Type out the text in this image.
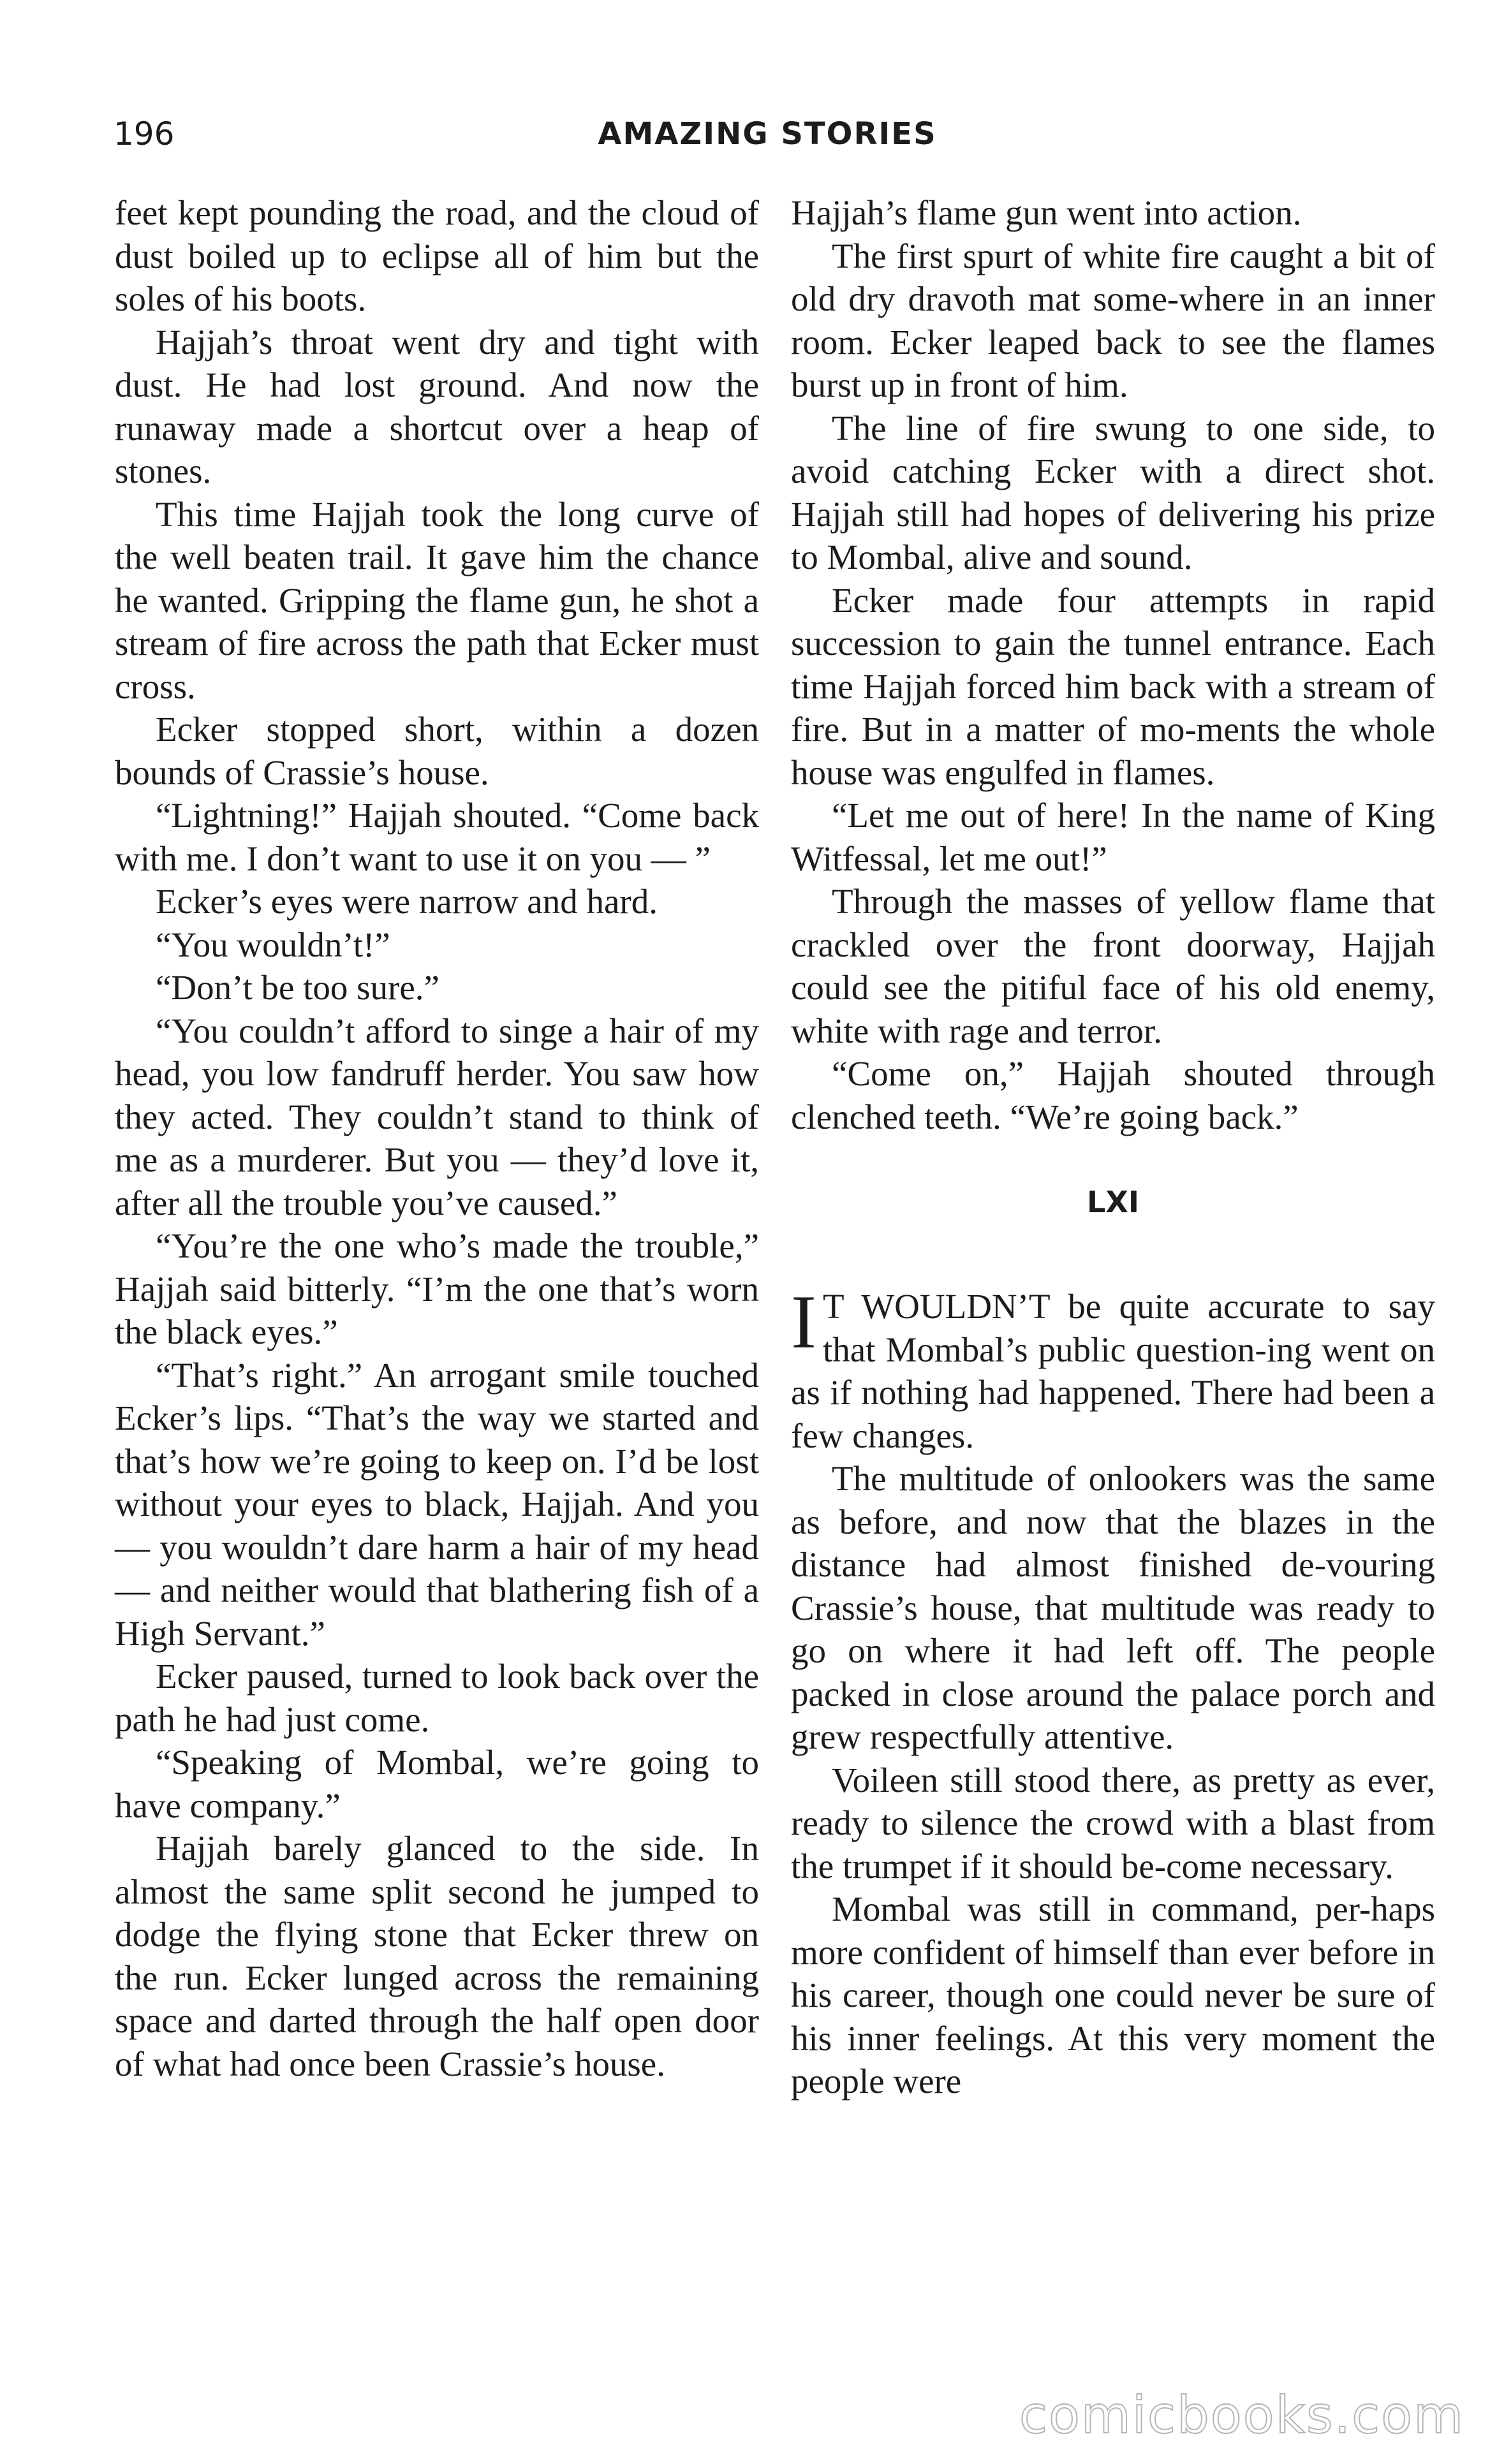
196	AMAZING STORIES

feet kept pounding the road, and the cloud of dust boiled up to eclipse all of him but the soles of his boots.

Hajjah’s throat went dry and tight with dust. He had lost ground. And now the runaway made a shortcut over a heap of stones.

This time Hajjah took the long curve of the well beaten trail. It gave him the chance he wanted. Gripping the flame gun, he shot a stream of fire across the path that Ecker must cross.

Ecker stopped short, within a dozen bounds of Crassie’s house.

“Lightning!” Hajjah shouted. “Come back with me. I don’t want to use it on you — ”

Ecker’s eyes were narrow and hard.

“You wouldn’t!”

“Don’t be too sure.”

“You couldn’t afford to singe a hair of my head, you low fandruff herder. You saw how they acted. They couldn’t stand to think of me as a murderer. But you — they’d love it, after all the trouble you’ve caused.”

“You’re the one who’s made the trouble,” Hajjah said bitterly. “I’m the one that’s worn the black eyes.”

“That’s right.” An arrogant smile touched Ecker’s lips. “That’s the way we started and that’s how we’re going to keep on. I’d be lost without your eyes to black, Hajjah. And you — you wouldn’t dare harm a hair of my head — and neither would that blathering fish of a High Servant.”

Ecker paused, turned to look back over the path he had just come.

“Speaking of Mombal, we’re going to have company.”

Hajjah barely glanced to the side. In almost the same split second he jumped to dodge the flying stone that Ecker threw on the run. Ecker lunged across the remaining space and darted through the half open door of what had once been Crassie’s house.

Hajjah’s flame gun went into action.

The first spurt of white fire caught a bit of old dry dravoth mat some-where in an inner room. Ecker leaped back to see the flames burst up in front of him.

The line of fire swung to one side, to avoid catching Ecker with a direct shot. Hajjah still had hopes of delivering his prize to Mombal, alive and sound.

Ecker made four attempts in rapid succession to gain the tunnel entrance. Each time Hajjah forced him back with a stream of fire. But in a matter of mo-ments the whole house was engulfed in flames.

“Let me out of here! In the name of King Witfessal, let me out!”

Through the masses of yellow flame that crackled over the front doorway, Hajjah could see the pitiful face of his old enemy, white with rage and terror.

“Come on,” Hajjah shouted through clenched teeth. “We’re going back.”

LXI

I T WOULDN’T be quite accurate to say that Mombal’s public question-ing went on as if nothing had happened. There had been a few changes.

The multitude of onlookers was the same as before, and now that the blazes in the distance had almost finished de-vouring Crassie’s house, that multitude was ready to go on where it had left off. The people packed in close around the palace porch and grew respectfully attentive.

Voileen still stood there, as pretty as ever, ready to silence the crowd with a blast from the trumpet if it should be-come necessary.

Mombal was still in command, per-haps more confident of himself than ever before in his career, though one could never be sure of his inner feelings. At this very moment the people were

comicbooks.com
